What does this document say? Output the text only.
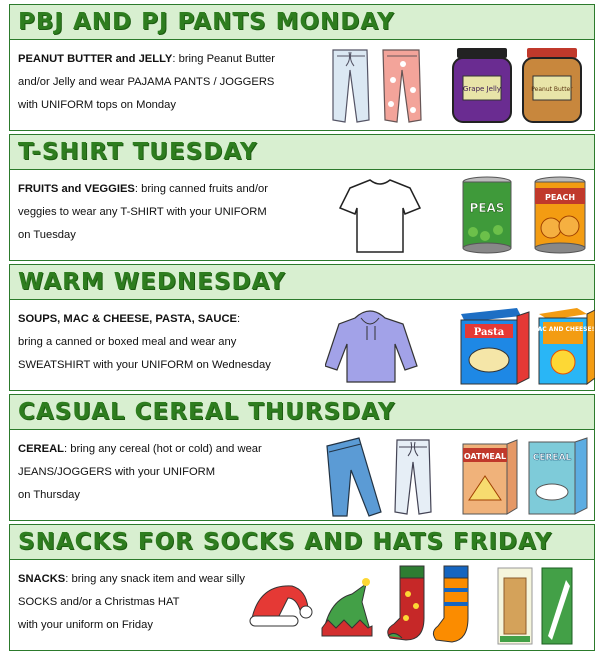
PBJ AND PJ PANTS MONDAY
PEANUT BUTTER and JELLY: bring Peanut Butter
and/or Jelly and wear PAJAMA PANTS / JOGGERS
with UNIFORM tops on Monday
Grape Jelly	Peanut Butter
T-SHIRT TUESDAY
FRUITS and VEGGIES: bring canned fruits and/or
veggies to wear any T-SHIRT with your UNIFORM
on Tuesday
PEAS
PEACH
WARM WEDNESDAY
SOUPS, MAC & CHEESE, PASTA, SAUCE:
bring a canned or boxed meal and wear any
SWEATSHIRT with your UNIFORM on Wednesday
Pasta	MAC AND CHEESE!
CASUAL CEREAL THURSDAY
CEREAL: bring any cereal (hot or cold) and wear
JEANS/JOGGERS with your UNIFORM
on Thursday
OATMEAL	CEREAL
SNACKS FOR SOCKS AND HATS FRIDAY
SNACKS: bring any snack item and wear silly
SOCKS and/or a Christmas HAT
with your uniform on Friday
